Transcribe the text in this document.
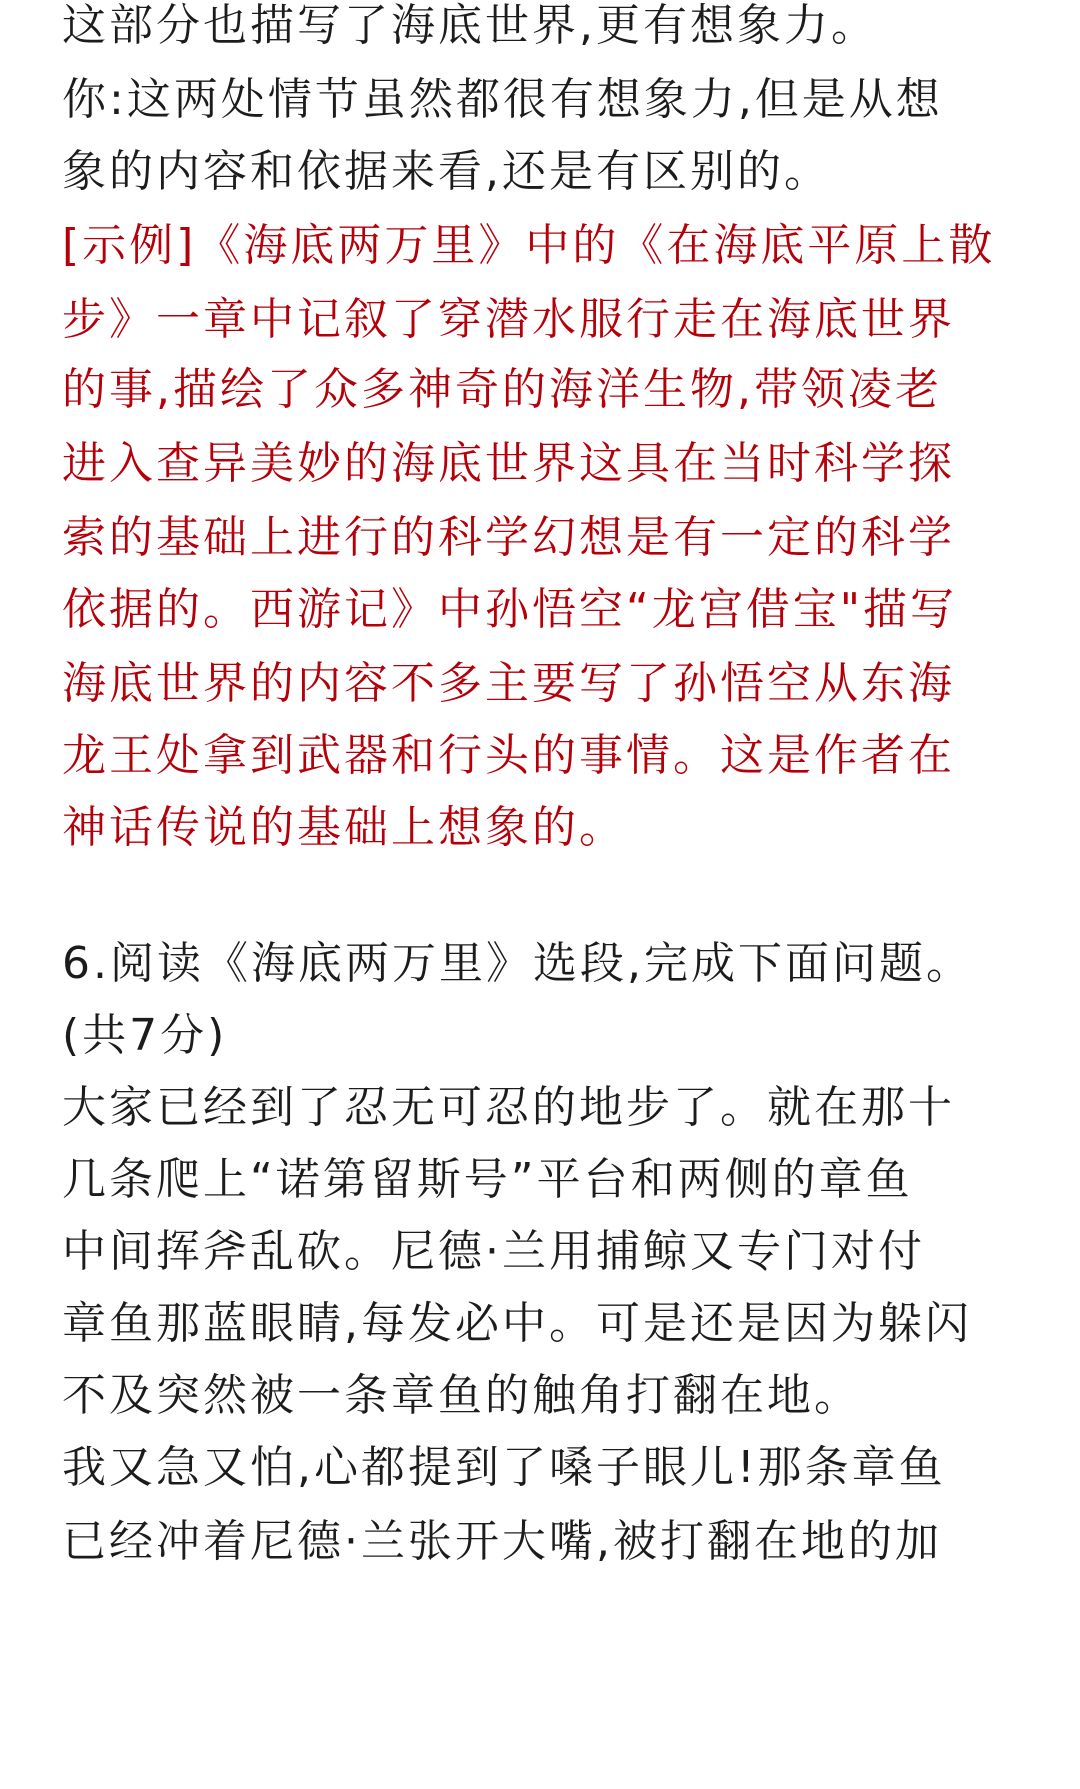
这部分也描写了海底世界,更有想象力。
你:这两处情节虽然都很有想象力,但是从想
象的内容和依据来看,还是有区别的。
[示例]《海底两万里》中的《在海底平原上散
步》一章中记叙了穿潜水服行走在海底世界
的事,描绘了众多神奇的海洋生物,带领凌老
进入查异美妙的海底世界这具在当时科学探
索的基础上进行的科学幻想是有一定的科学
依据的。西游记》中孙悟空“龙宫借宝"描写
海底世界的内容不多主要写了孙悟空从东海
龙王处拿到武器和行头的事情。这是作者在
神话传说的基础上想象的。
6.阅读《海底两万里》选段,完成下面问题。
(共7分)
大家已经到了忍无可忍的地步了。就在那十
几条爬上“诺第留斯号”平台和两侧的章鱼
中间挥斧乱砍。尼德·兰用捕鲸又专门对付
章鱼那蓝眼睛,每发必中。可是还是因为躲闪
不及突然被一条章鱼的触角打翻在地。
我又急又怕,心都提到了嗓子眼儿!那条章鱼
已经冲着尼德·兰张开大嘴,被打翻在地的加
